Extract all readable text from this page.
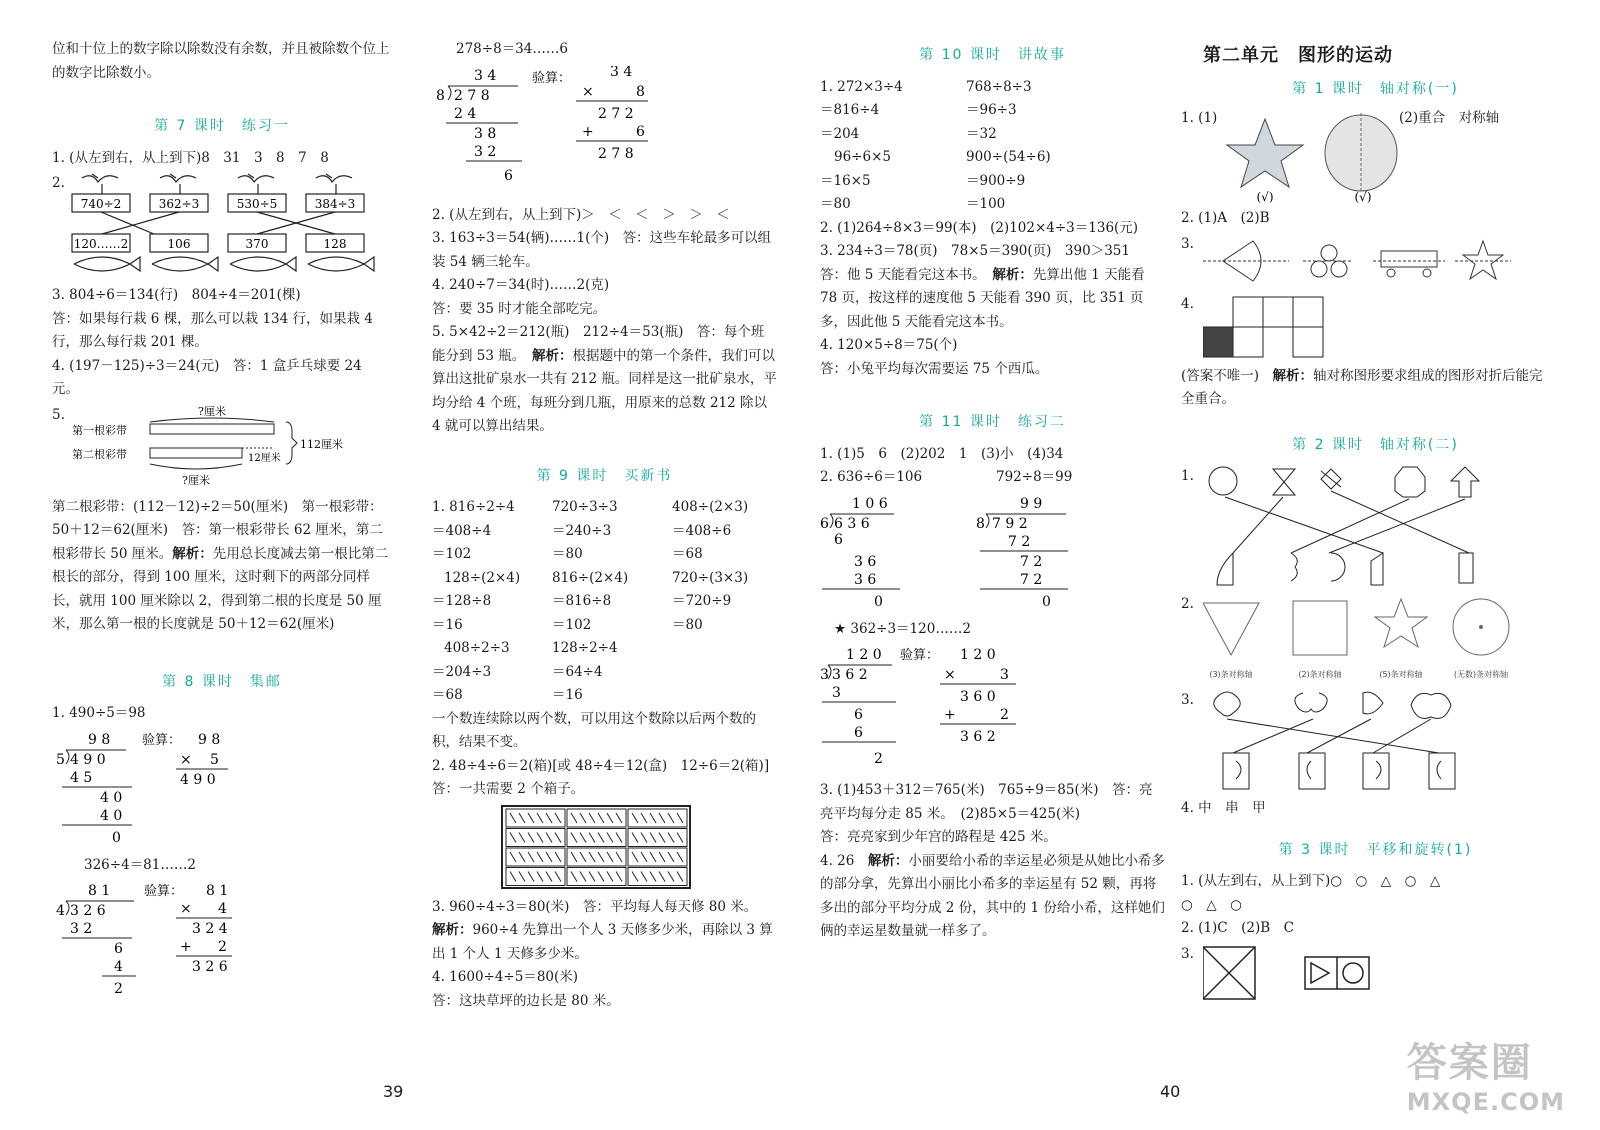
位和十位上的数字除以除数没有余数，并且被除数个位上的数字比除数小。
第 7 课时　练习一
1. (从左到右，从上到下)8　31　3　8　7　8
2.
740÷2	362÷3	530÷5	384÷3
120……2	106	370	128
3. 804÷6＝134(行)　804÷4＝201(棵)
答：如果每行栽 6 棵，那么可以栽 134 行，如果栽 4 行，那么每行栽 201 棵。
4. (197－125)÷3＝24(元)　答：1 盒乒乓球要 24 元。
5.	?厘米
第一根彩带
第二根彩带	12厘米
112厘米
?厘米
第二根彩带：(112－12)÷2＝50(厘米)　第一根彩带：50＋12＝62(厘米)　答：第一根彩带长 62 厘米，第二根彩带长 50 厘米。解析：先用总长度减去第一根比第二根长的部分，得到 100 厘米，这时剩下的两部分同样长，就用 100 厘米除以 2，得到第二根的长度是 50 厘米，那么第一根的长度就是 50＋12＝62(厘米)
第 8 课时　集邮
1. 490÷5＝98
9 8
5 4 9 0
4 5
4 0
4 0
0
验算： 9 8
× 5
4 9 0
326÷4＝81……2
8 1
4 3 2 6
3 2
6
4
2
验算： 8 1
× 4
3 2 4
+ 2
3 2 6
278÷8＝34……6
3 4
8 2 7 8
2 4
3 8
3 2
6
验算：	3 4
×	8
2 7 2
+	6
2 7 8
2. (从左到右，从上到下)＞　＜　＜　＞　＞　＜
3. 163÷3＝54(辆)……1(个)　答：这些车轮最多可以组装 54 辆三轮车。
4. 240÷7＝34(时)……2(克)
答：要 35 时才能全部吃完。
5. 5×42÷2＝212(瓶)　212÷4＝53(瓶)　答：每个班能分到 53 瓶。　 解析：根据题中的第一个条件，我们可以算出这批矿泉水一共有 212 瓶。同样是这一批矿泉水，平均分给 4 个班，每班分到几瓶，用原来的总数 212 除以 4 就可以算出结果。
第 9 课时　买新书
1. 816÷2÷4	720÷3÷3	408÷(2×3)
＝408÷4	＝240÷3	＝408÷6
＝102	＝80	＝68
128÷(2×4) 816÷(2×4)	720÷(3×3)
＝128÷8	＝816÷8	＝720÷9
＝16	＝102	＝80
408÷2÷3	128÷2÷4
＝204÷3	＝64÷4
＝68	＝16
一个数连续除以两个数，可以用这个数除以后两个数的积，结果不变。
2. 48÷4÷6＝2(箱)[或 48÷4＝12(盒)　12÷6＝2(箱)]　答：一共需要 2 个箱子。
3. 960÷4÷3＝80(米)　答：平均每人每天修 80 米。　解析：960÷4 先算出一个人 3 天修多少米，再除以 3 算出 1 个人 1 天修多少米。
4. 1600÷4÷5＝80(米)
答：这块草坪的边长是 80 米。
第 10 课时　讲故事
1. 272×3÷4	768÷8÷3
＝816÷4	＝96÷3
＝204	＝32
96÷6×5	900÷(54÷6)
＝16×5	＝900÷9
＝80	＝100
2. (1)264÷8×3＝99(本)　(2)102×4÷3＝136(元)
3. 234÷3＝78(页)　78×5＝390(页)　390＞351
答：他 5 天能看完这本书。　 解析：先算出他 1 天能看 78 页，按这样的速度他 5 天能看 390 页，比 351 页多，因此他 5 天能看完这本书。
4. 120×5÷8＝75(个)
答：小兔平均每次需要运 75 个西瓜。
第 11 课时　练习二
1. (1)5　6　(2)202　1　(3)小　(4)34
2. 636÷6＝106	792÷8＝99
1 0 6
6 6 3 6
6
3 6
3 6
0
9 9
8 7 9 2
7 2
7 2
7 2
0
★ 362÷3＝120……2
1 2 0
3 3 6 2
3
6
6
2
验算： 1 2 0
×	3
3 6 0
+	2
3 6 2
3. (1)453＋312＝765(米)　765÷9＝85(米)　答：亮亮平均每分走 85 米。　(2)85×5＝425(米)
答：亮亮家到少年宫的路程是 425 米。
4. 26　 解析：小丽要给小希的幸运星必须是从她比小希多的部分拿，先算出小丽比小希多的幸运星有 52 颗，再将多出的部分平均分成 2 份，其中的 1 份给小希，这样她们俩的幸运星数量就一样多了。
第二单元　图形的运动
第 1 课时　轴对称(一)
1. (1)
(√)	(√)
(2)重合　对称轴
2. (1)A　(2)B
3.
4.
(答案不唯一)　 解析：轴对称图形要求组成的图形对折后能完全重合。
第 2 课时　轴对称(二)
1.
2.
(3)条对称轴	(2)条对称轴	(5)条对称轴	(无数)条对称轴
3.
4. 中　串　甲
第 3 课时　平移和旋转(1)
1. (从左到右，从上到下)○　○　△　○　△
○　△　○
2. (1)C　(2)B　C
3.
39	40
答案圈
MXQE.COM
